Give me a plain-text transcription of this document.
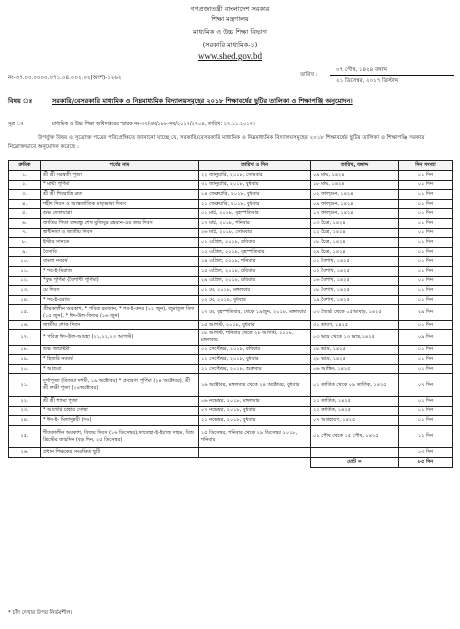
গণপ্রজাতন্ত্রী বাংলাদেশ সরকার
শিক্ষা মন্ত্রণালয়
মাধ্যমিক ও উচ্চ শিক্ষা বিভাগ
(সরকারি মাধ্যমিক-১)
www.shed.gov.bd
নং-৩৭.০০.০০০০.০৭১.০৪.০০২.০২(অংশ)-১২৬২	তারিখ :
০৭ পৌষ, ১৪২৪ বঙ্গাব্দ
২১ ডিসেম্বর, ২০১৭ খ্রিস্টাব্দ
বিষয় ঃ	সরকারি/বেসরকারি মাধ্যমিক ও নিম্নমাধ্যমিক বিদ্যালয়সমূহের ২০১৮ শিক্ষাবর্ষের ছুটির তালিকা ও শিক্ষাপঞ্জি অনুমোদন।
সূত্র ঃ	মাধ্যমিক ও উচ্চ শিক্ষা অধিদপ্তরের স্মারক নং-৩৭/এম/১৮৮-সম/২০১৭/২৭০৪, তারিখ: ২৭.১১.২০১৭।
উপর্যুক্ত বিষয় ও সূত্রোক্ত পত্রের পরিপ্রেক্ষিতে জানানো যাচ্ছে যে, সরকারি/বেসরকারি মাধ্যমিক ও নিম্নমাধ্যমিক বিদ্যালয়সমূহের ২০১৮ শিক্ষাবর্ষের ছুটির তালিকা ও শিক্ষাপঞ্জি সরকার নিম্নোক্তভাবে অনুমোদন করেছে :
ক্রমিক	পর্বের নাম	তারিখ ও দিন	তারিখ, বঙ্গাব্দ	দিন সংখ্যা
১.	শ্রী শ্রী সরস্বতী পূজা	২২ জানুয়ারি, ২০১৮, সোমবার	০৯ মাঘ, ১৪২৪	০১ দিন
২.	* মাঘী পূর্ণিমা	৩১ জানুয়ারি, ২০১৮, বুধবার	১৮ মাঘ, ১৪২৪	০১ দিন
৩.	শ্রী শ্রী শিবরাত্রি ব্রত	১৪ ফেব্রুয়ারি, ২০১৮, বুধবার	০২ ফাল্গুন, ১৪২৪	০১ দিন
৪.	শহীদ দিবস ও আন্তর্জাতিক মাতৃভাষা দিবস	২১ ফেব্রুয়ারি, ২০১৮, বুধবার	০৯ ফাল্গুন, ১৪২৪	০১ দিন
৫.	শুভ দোলযাত্রা	০১ মার্চ, ২০১৮, বৃহস্পতিবার	১৭ ফাল্গুন, ১৪২৪	০১ দিন
৬.	জাতির পিতা বঙ্গবন্ধু শেখ মুজিবুর রহমান-এর জন্ম দিবস	১৭ মার্চ, ২০১৮, শনিবার	০৩ চৈত্র, ১৪২৪	০১ দিন
৭.	স্বাধীনতা ও জাতীয় দিবস	২৬ মার্চ, ২০১৮, সোমবার	১২ চৈত্র, ১৪২৪	০১ দিন
৮.	ইস্টার সানডে	০১ এপ্রিল, ২০১৮, রবিবার	১৮ চৈত্র, ১৪২৪	০১ দিন
৯.	বৈসাবি	১২ এপ্রিল, ২০১৮, বৃহস্পতিবার	২৯ চৈত্র, ১৪২৪	০১ দিন
১০.	বাংলা নববর্ষ	১৪ এপ্রিল, ২০১৮, শনিবার	০১ বৈশাখ, ১৪২৫	০১ দিন
১১.	* শব-ই-মিরাজ	১৫ এপ্রিল, ২০১৮, রবিবার	০২ বৈশাখ, ১৪২৫	০১ দিন
১২.	*বুদ্ধ পূর্ণিমা (বৈশাখী পূর্ণিমা)	২৯ এপ্রিল, ২০১৮, রবিবার	১৬ বৈশাখ, ১৪২৫	০১ দিন
১৩.	মে দিবস	০১ মে, ২০১৮, মঙ্গলবার	১৮ বৈশাখ, ১৪২৫	০১ দিন
১৪.	* শব-ই-বরাত	০২ মে, ২০১৮, বুধবার	১৯ বৈশাখ, ১৪২৫	০১ দিন
১৫.	গ্রীষ্মকালীন অবকাশ, * পবিত্র রমজান, * শব-ই-কদর (১২ জুন), জুমাতুল বিদা (১৫ জুন), * ঈদ-উল-ফিতর (১৬ জুন)	১৭ মে, বৃহস্পতিবার, থেকে ১৯জুন, ২০১৮, মঙ্গলবার	০৩ জ্যৈষ্ঠ থেকে ০৫আষাঢ়, ১৪২৫	২৯ দিন
১৬.	জাতীয় শোক দিবস	১৫ আগস্ট, ২০১৮, বুধবার	৩১ শ্রাবণ, ১৪২৫	০১ দিন
১৭.	* পবিত্র ঈদ-উল-আযহা (২১,২২,২৩ আগস্ট)	১৮ আগস্ট, শনিবার থেকে ২৮ আগস্ট, ২০১৮, মঙ্গলবার	০৩ ভাদ্র থেকে ১৩ ভাদ্র,১৪২৫	০৯ দিন
১৮.	শুভ জন্মাষ্টমী	০২ সেপ্টেম্বর, ২০১৮, রবিবার	১৮ ভাদ্র, ১৪২৫	০১ দিন
১৯.	* হিজরি নববর্ষ	১২ সেপ্টেম্বর, ২০১৮, বুধবার	২৮ ভাদ্র, ১৪২৫	০১ দিন
২০.	* আশুরা	২১ সেপ্টেম্বর, ২০১৮, শুক্রবার	০৬ আশ্বিন, ১৪২৫	০১ দিন
২১.	দুর্গাপূজা (বিজয়া দশমী, ১৯ অক্টোবর) * প্রবারণা পূর্ণিমা (২৪ অক্টোবর), শ্রী শ্রী লক্ষী পূজা (২৪অক্টোবর)	১৬ অক্টোবর, মঙ্গলবার থেকে ২৪ অক্টোবর, বুধবার	০১ কার্তিক থেকে ০৯ কার্তিক, ১৪২৫	০৭ দিন
২২.	শ্রী শ্রী শ্যামা পূজা	০৬ নভেম্বর, ২০১৮, মঙ্গলবার	২১ কার্তিক, ১৪২৫	০১ দিন
২৩.	* আখেরি চাহার সোম্বা	০৭ নভেম্বর, ২০১৮, বুধবার	২২ কার্তিক, ১৪২৫	০১ দিন
২৪.	* ঈদ-ই- মিলাদুন্নবী (সঃ)	২১ নভেম্বর, ২০১৮, বুধবার	০৭ অগ্রহায়ণ, ১৪২৫	০১ দিন
২৫.	শীতকালীন অবকাশ, বিজয় দিবস (১৬ ডিসেম্বর),ফাতেহা-ই-ইয়াজ দাহম, যিশু খ্রিস্টের জন্মদিন (বড় দিন, ২৫ ডিসেম্বর)	১৫ ডিসেম্বর, শনিবার থেকে ২৯ ডিসেম্বর ২০১৮, শনিবার	০১ পৌষ থেকে ১৫ পৌষ, ১৪২৫	১২ দিন
২৬.	প্রধান শিক্ষকের সংরক্ষিত ছুটি			০৩ দিন
			মোট =	৮৫ দিন
* চাঁদ দেখার উপর নির্ভরশীল।
